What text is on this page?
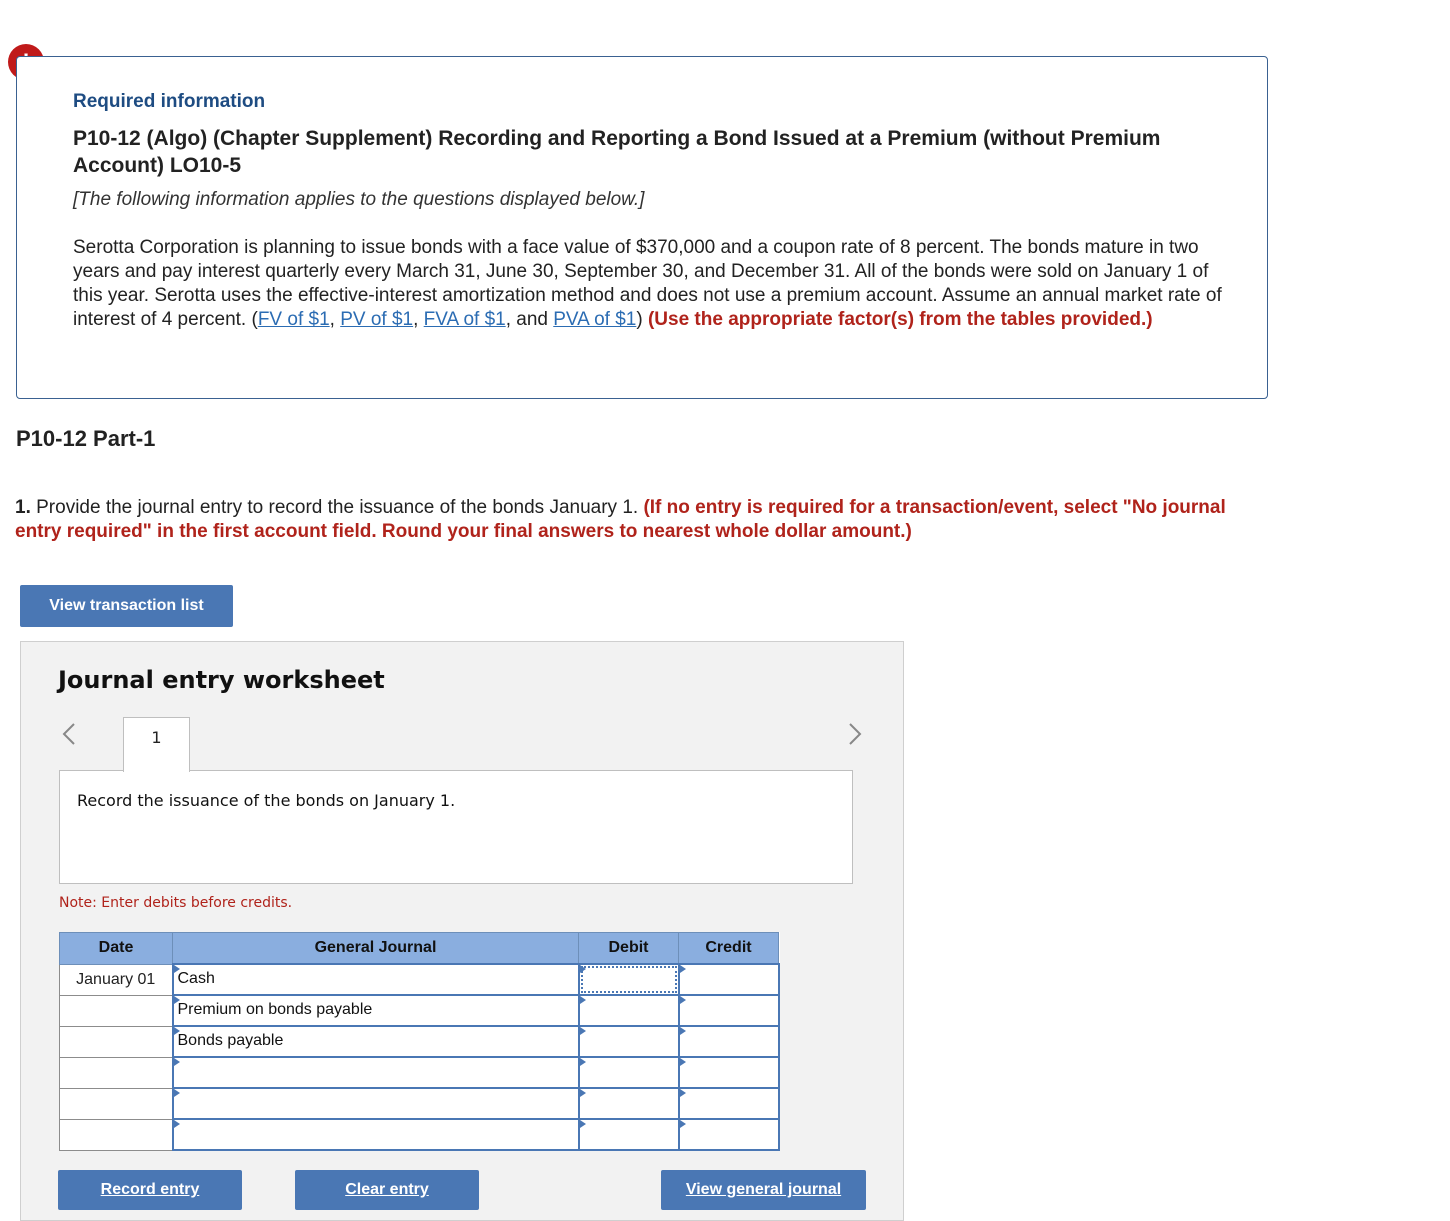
Required information
P10-12 (Algo) (Chapter Supplement) Recording and Reporting a Bond Issued at a Premium (without Premium Account) LO10-5
[The following information applies to the questions displayed below.]
Serotta Corporation is planning to issue bonds with a face value of $370,000 and a coupon rate of 8 percent. The bonds mature in two years and pay interest quarterly every March 31, June 30, September 30, and December 31. All of the bonds were sold on January 1 of this year. Serotta uses the effective-interest amortization method and does not use a premium account. Assume an annual market rate of interest of 4 percent. (FV of $1, PV of $1, FVA of $1, and PVA of $1) (Use the appropriate factor(s) from the tables provided.)
P10-12 Part-1
1. Provide the journal entry to record the issuance of the bonds January 1. (If no entry is required for a transaction/event, select "No journal entry required" in the first account field. Round your final answers to nearest whole dollar amount.)
View transaction list
Journal entry worksheet
1
Record the issuance of the bonds on January 1.
Note: Enter debits before credits.
Date	General Journal	Debit	Credit
January 01	Cash		

	Premium on bonds payable		

	Bonds payable		

Record entry	Clear entry	View general journal
